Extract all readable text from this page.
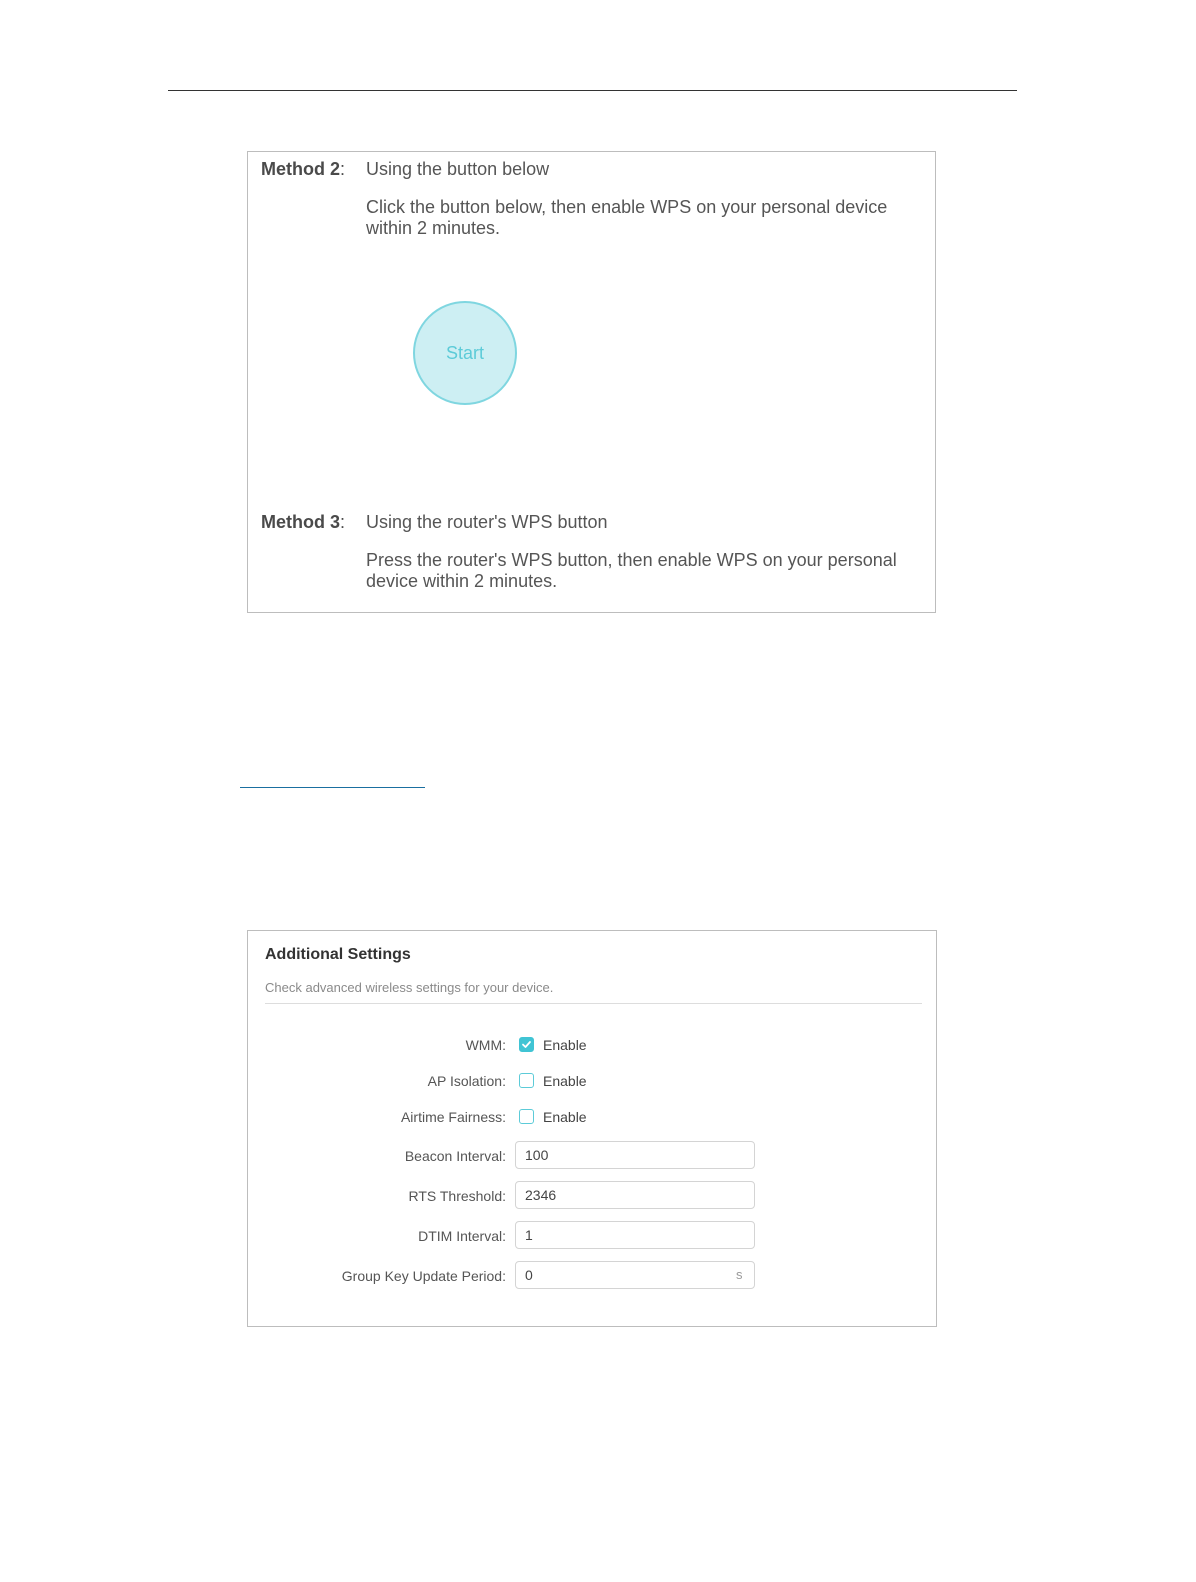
Method 2: Using the button below
Click the button below, then enable WPS on your personal device within 2 minutes.
Start
Method 3: Using the router's WPS button
Press the router's WPS button, then enable WPS on your personal device within 2 minutes.
Additional Settings
Check advanced wireless settings for your device.
WMM:	Enable
AP Isolation:	Enable
Airtime Fairness:	Enable
Beacon Interval:
100
RTS Threshold:
2346
DTIM Interval:
1
Group Key Update Period:
0	s
